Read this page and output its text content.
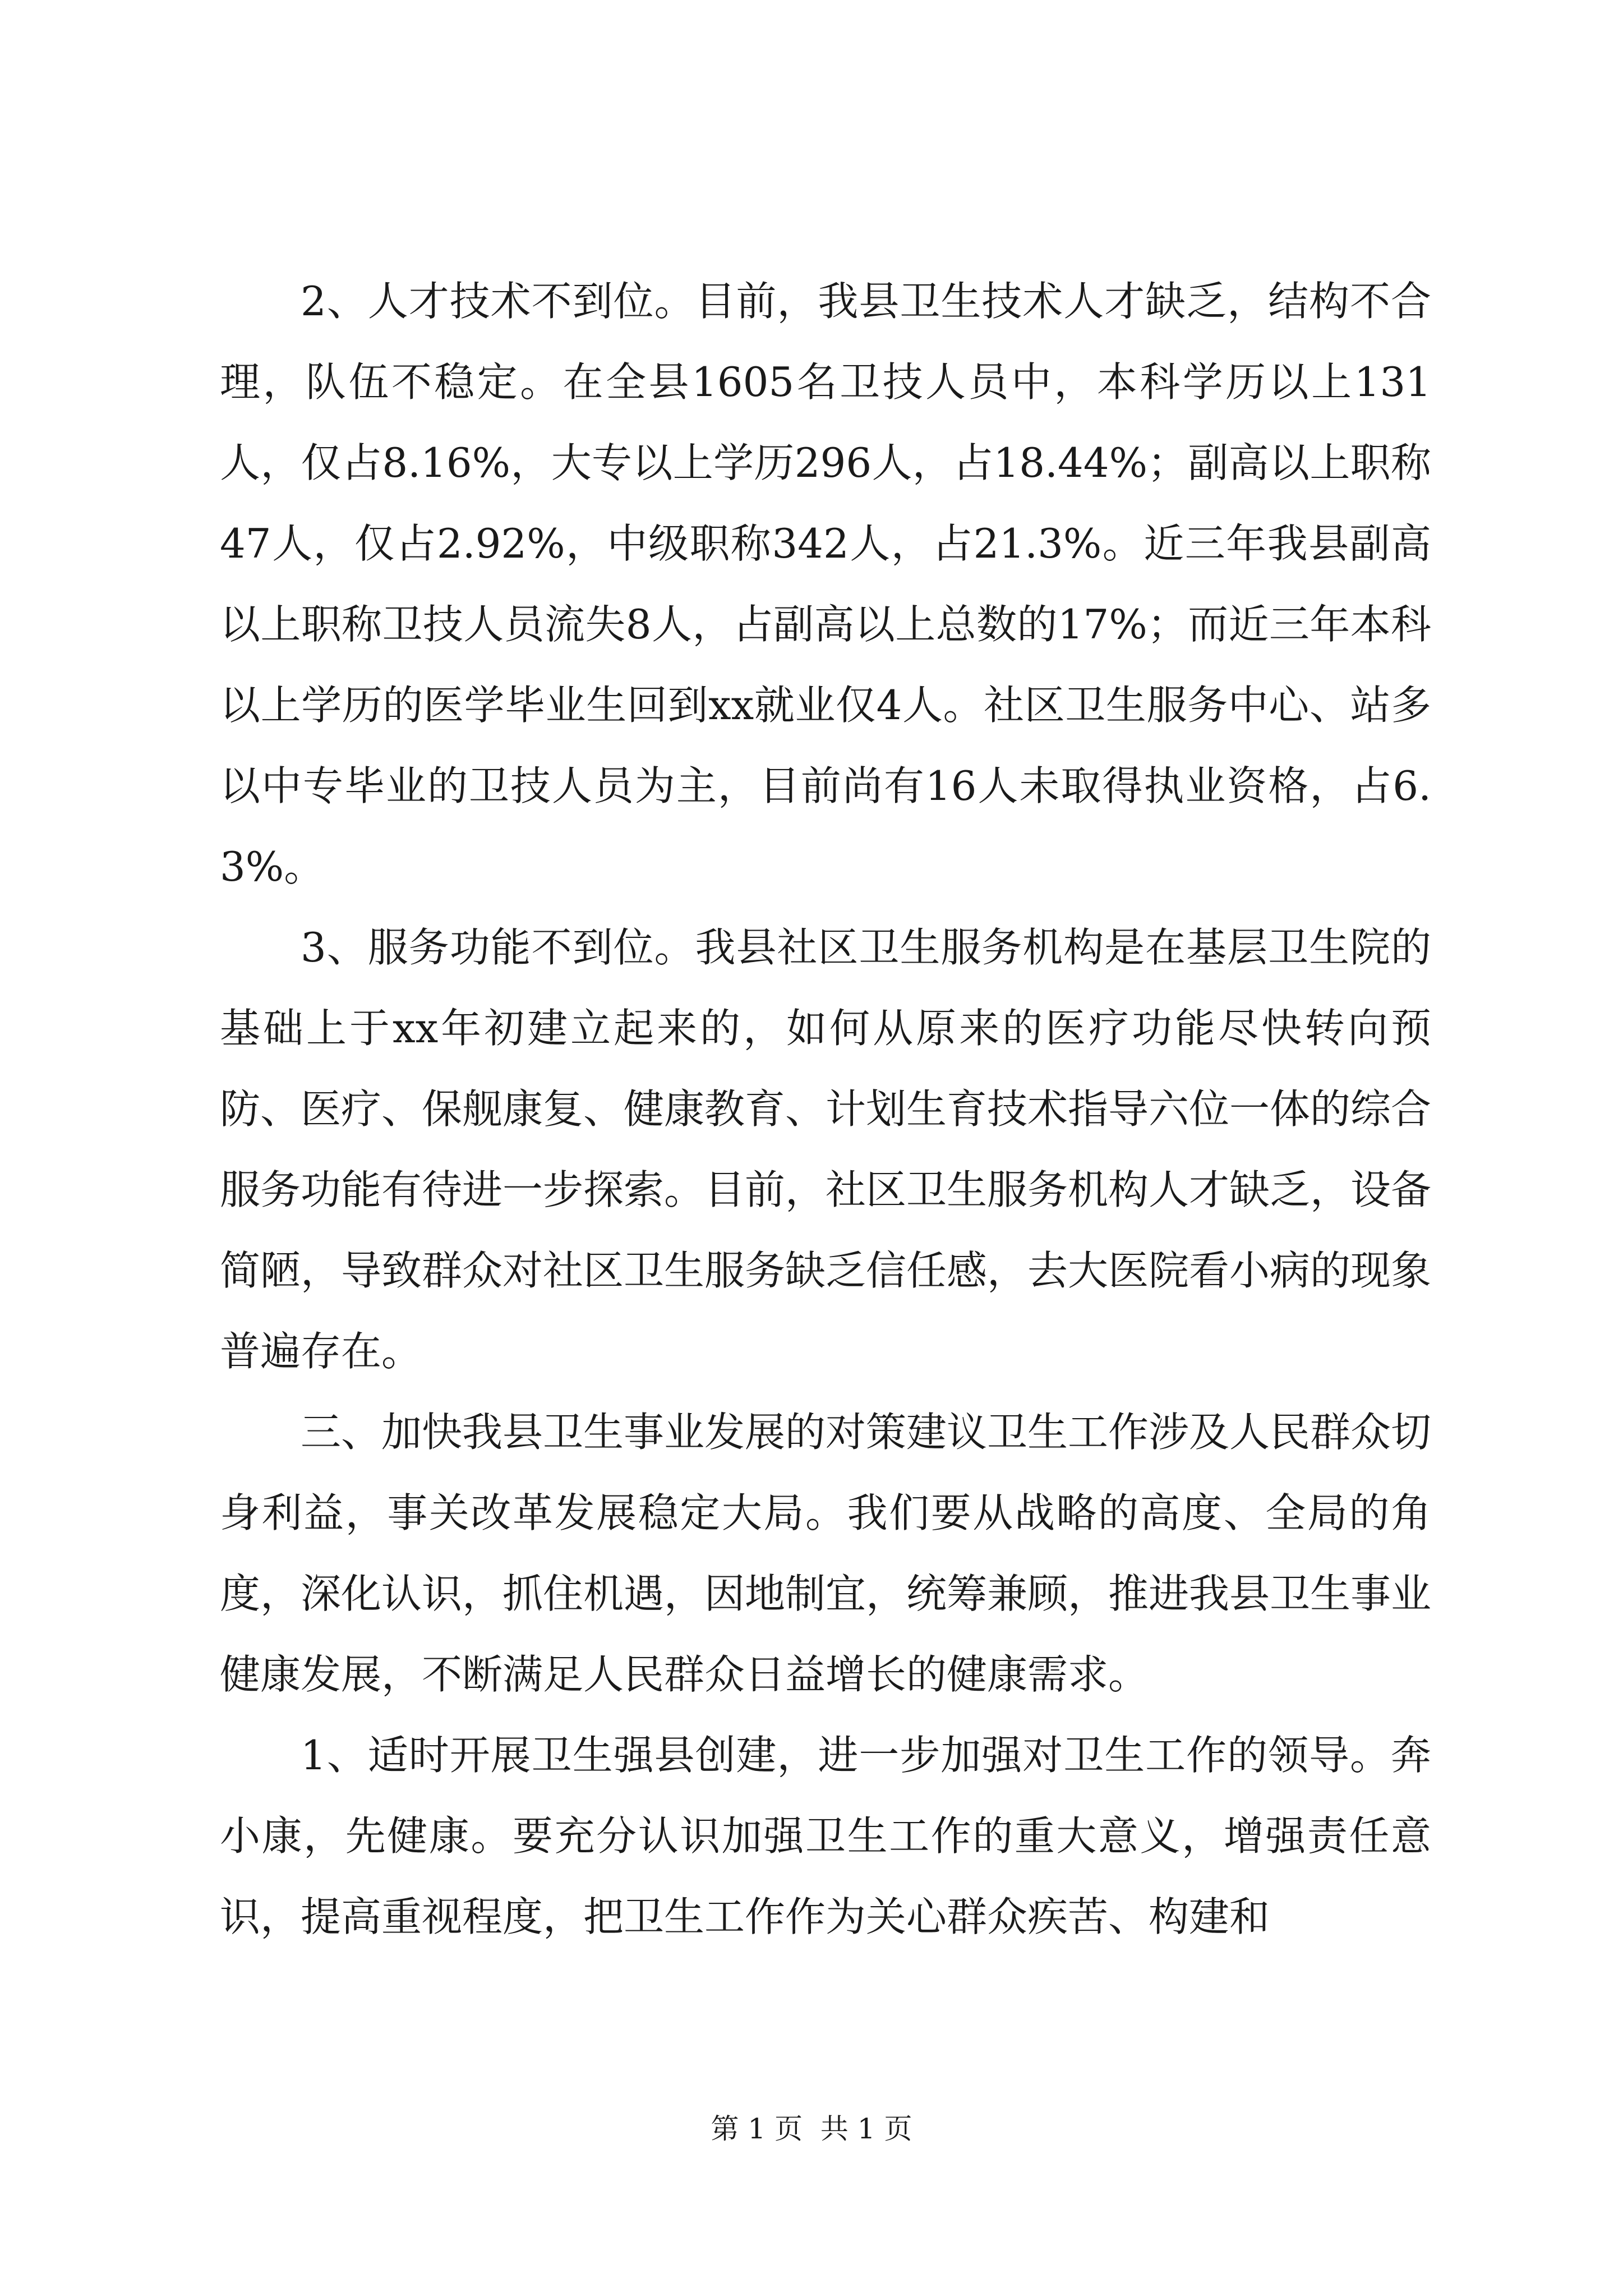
2、人才技术不到位。目前，我县卫生技术人才缺乏，结构不合理，队伍不稳定。在全县1605名卫技人员中，本科学历以上131人，仅占8.16%，大专以上学历296人，占18.44%；副高以上职称47人，仅占2.92%，中级职称342人，占21.3%。近三年我县副高以上职称卫技人员流失8人，占副高以上总数的17%；而近三年本科以上学历的医学毕业生回到xx就业仅4人。社区卫生服务中心、站多以中专毕业的卫技人员为主，目前尚有16人未取得执业资格，占6.3%。

3、服务功能不到位。我县社区卫生服务机构是在基层卫生院的基础上于xx年初建立起来的，如何从原来的医疗功能尽快转向预防、医疗、保舰康复、健康教育、计划生育技术指导六位一体的综合服务功能有待进一步探索。目前，社区卫生服务机构人才缺乏，设备简陋，导致群众对社区卫生服务缺乏信任感，去大医院看小病的现象普遍存在。

三、加快我县卫生事业发展的对策建议卫生工作涉及人民群众切身利益，事关改革发展稳定大局。我们要从战略的高度、全局的角度，深化认识，抓住机遇，因地制宜，统筹兼顾，推进我县卫生事业健康发展，不断满足人民群众日益增长的健康需求。

1、适时开展卫生强县创建，进一步加强对卫生工作的领导。奔小康，先健康。要充分认识加强卫生工作的重大意义，增强责任意识，提高重视程度，把卫生工作作为关心群众疾苦、构建和

第 1 页  共 1 页
